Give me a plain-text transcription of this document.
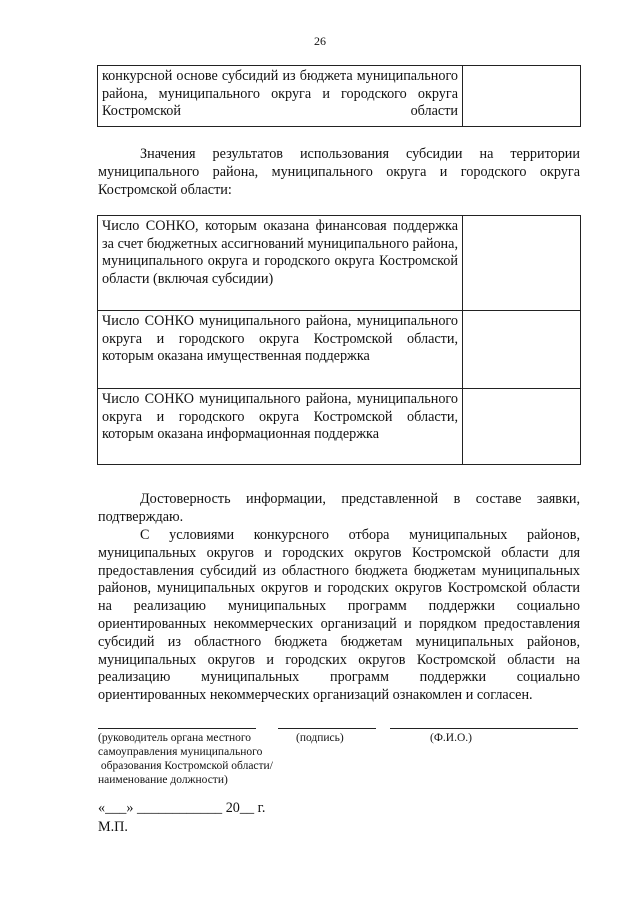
26
конкурсной основе субсидий из бюджета муниципального района, муниципального округа и городского округа Костромской области	

Значения результатов использования субсидии на территории муниципального района, муниципального округа и городского округа Костромской области:

Число СОНКО, которым оказана финансовая поддержка за счет бюджетных ассигнований муниципального района, муниципального округа и городского округа Костромской области (включая субсидии)	
Число СОНКО муниципального района, муниципального округа и городского округа Костромской области, которым оказана имущественная поддержка	
Число СОНКО муниципального района, муниципального округа и городского округа Костромской области, которым оказана информационная поддержка	

Достоверность информации, представленной в составе заявки, подтверждаю.

С условиями конкурсного отбора муниципальных районов, муниципальных округов и городских округов Костромской области для предоставления субсидий из областного бюджета бюджетам муниципальных районов, муниципальных округов и городских округов Костромской области на реализацию муниципальных программ поддержки социально ориентированных некоммерческих организаций и порядком предоставления субсидий из областного бюджета бюджетам муниципальных районов, муниципальных округов и городских округов Костромской области на реализацию муниципальных программ поддержки социально ориентированных некоммерческих организаций ознакомлен и согласен.

(руководитель органа местного
самоуправления муниципального
образования Костромской области/
наименование должности)

(подпись)	(Ф.И.О.)

«___» ____________ 20__ г.
М.П.
